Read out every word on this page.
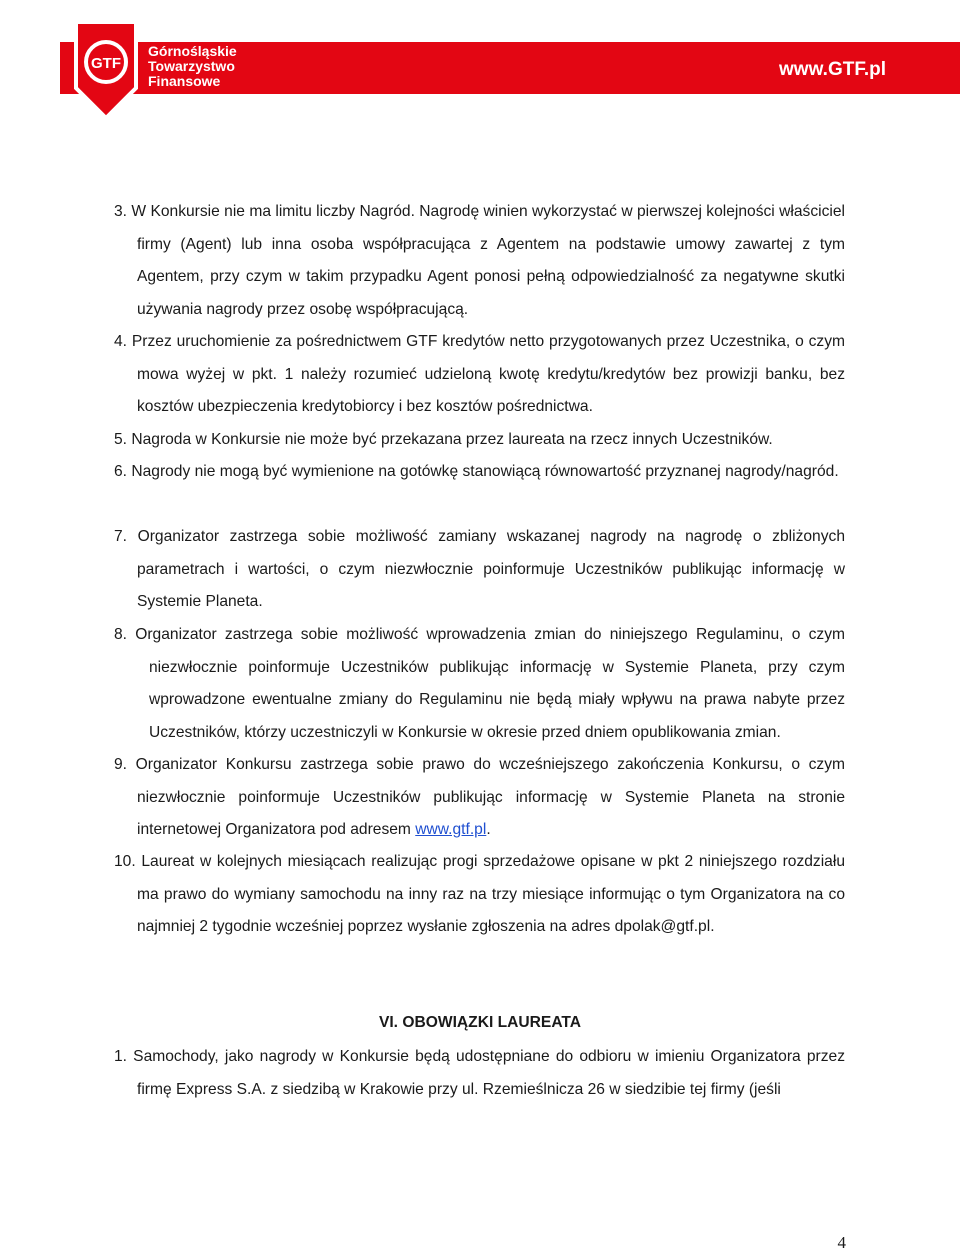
GTF
Górnośląskie
Towarzystwo
Finansowe
www.GTF.pl
3. W Konkursie nie ma limitu liczby Nagród. Nagrodę winien wykorzystać w pierwszej kolejności właściciel firmy (Agent) lub inna osoba współpracująca z Agentem na podstawie umowy zawartej z tym Agentem, przy czym w takim przypadku Agent ponosi pełną odpowiedzialność za negatywne skutki używania nagrody przez osobę współpracującą.
4. Przez uruchomienie za pośrednictwem GTF kredytów netto przygotowanych przez Uczestnika, o czym mowa wyżej w pkt. 1 należy rozumieć udzieloną kwotę kredytu/kredytów bez prowizji banku, bez kosztów ubezpieczenia kredytobiorcy i bez kosztów pośrednictwa.
5. Nagroda w Konkursie nie może być przekazana przez laureata na rzecz innych Uczestników.
6. Nagrody nie mogą być wymienione na gotówkę stanowiącą równowartość przyznanej nagrody/nagród.
7. Organizator zastrzega sobie możliwość zamiany wskazanej nagrody na nagrodę o zbliżonych parametrach i wartości, o czym niezwłocznie poinformuje Uczestników publikując informację w Systemie Planeta.
8. Organizator zastrzega sobie możliwość wprowadzenia zmian do niniejszego Regulaminu, o czym niezwłocznie poinformuje Uczestników publikując informację w Systemie Planeta, przy czym wprowadzone ewentualne zmiany do Regulaminu nie będą miały wpływu na prawa nabyte przez Uczestników, którzy uczestniczyli w Konkursie w okresie przed dniem opublikowania zmian.
9. Organizator Konkursu zastrzega sobie prawo do wcześniejszego zakończenia Konkursu, o czym niezwłocznie poinformuje Uczestników publikując informację w Systemie Planeta na stronie internetowej Organizatora pod adresem www.gtf.pl.
10. Laureat w kolejnych miesiącach realizując progi sprzedażowe opisane w pkt 2 niniejszego rozdziału ma prawo do wymiany samochodu na inny raz na trzy miesiące informując o tym Organizatora na co najmniej 2 tygodnie wcześniej poprzez wysłanie zgłoszenia na adres dpolak@gtf.pl.
VI. OBOWIĄZKI LAUREATA
1. Samochody, jako nagrody w Konkursie będą udostępniane do odbioru w imieniu Organizatora przez firmę Express S.A. z siedzibą w Krakowie przy ul. Rzemieślnicza 26 w siedzibie tej firmy (jeśli
4
